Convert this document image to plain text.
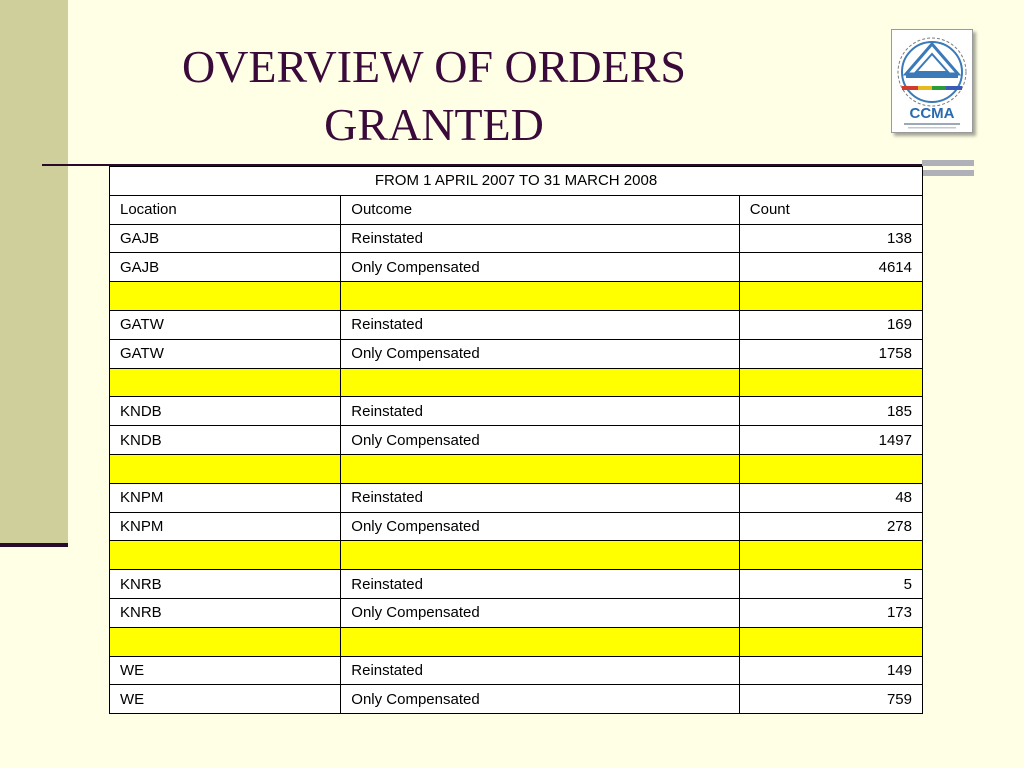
OVERVIEW OF ORDERS
GRANTED	CCMA
FROM 1 APRIL 2007 TO 31 MARCH 2008		
Location	Outcome	Count
GAJB	Reinstated	138
GAJB	Only Compensated	4614

GATW	Reinstated	169
GATW	Only Compensated	1758

KNDB	Reinstated	185
KNDB	Only Compensated	1497

KNPM	Reinstated	48
KNPM	Only Compensated	278

KNRB	Reinstated	5
KNRB	Only Compensated	173

WE	Reinstated	149
WE	Only Compensated	759
